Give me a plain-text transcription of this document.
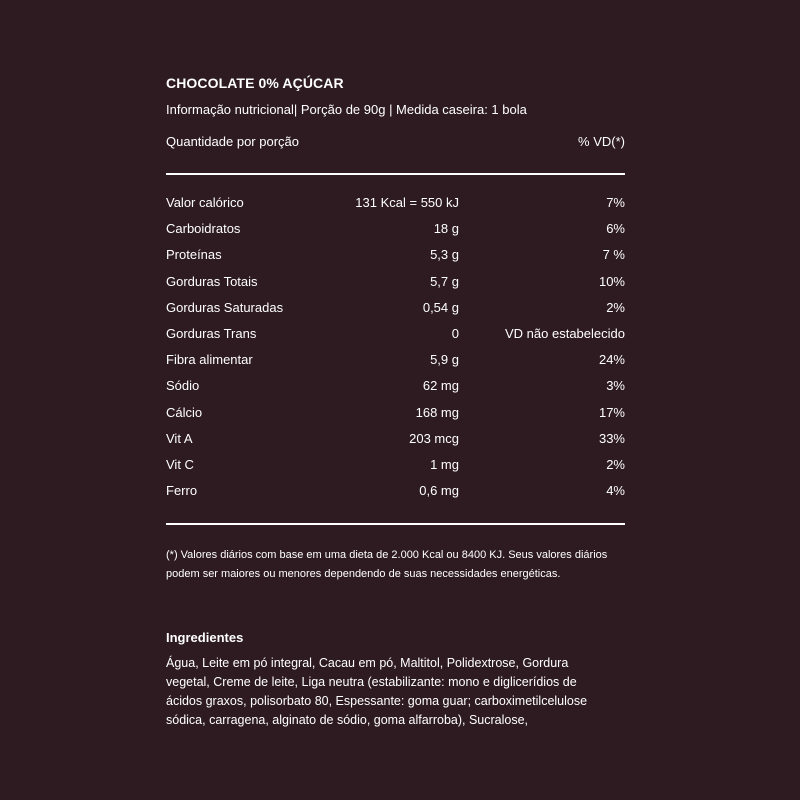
CHOCOLATE 0% AÇÚCAR
Informação nutricional| Porção de 90g | Medida caseira: 1 bola
Quantidade por porção	% VD(*)
Valor calórico	131 Kcal = 550 kJ	7%
Carboidratos	18 g	6%
Proteínas	5,3 g	7 %
Gorduras Totais	5,7 g	10%
Gorduras Saturadas	0,54 g	2%
Gorduras Trans	0	VD não estabelecido
Fibra alimentar	5,9 g	24%
Sódio	62 mg	3%
Cálcio	168 mg	17%
Vit A	203 mcg	33%
Vit C	1 mg	2%
Ferro	0,6 mg	4%
(*) Valores diários com base em uma dieta de 2.000 Kcal ou 8400 KJ. Seus valores diários podem ser maiores ou menores dependendo de suas necessidades energéticas.
Ingredientes
Água, Leite em pó integral, Cacau em pó, Maltitol, Polidextrose, Gordura vegetal, Creme de leite, Liga neutra (estabilizante: mono e diglicerídios de ácidos graxos, polisorbato 80, Espessante: goma guar; carboximetilcelulose sódica, carragena, alginato de sódio, goma alfarroba), Sucralose,
